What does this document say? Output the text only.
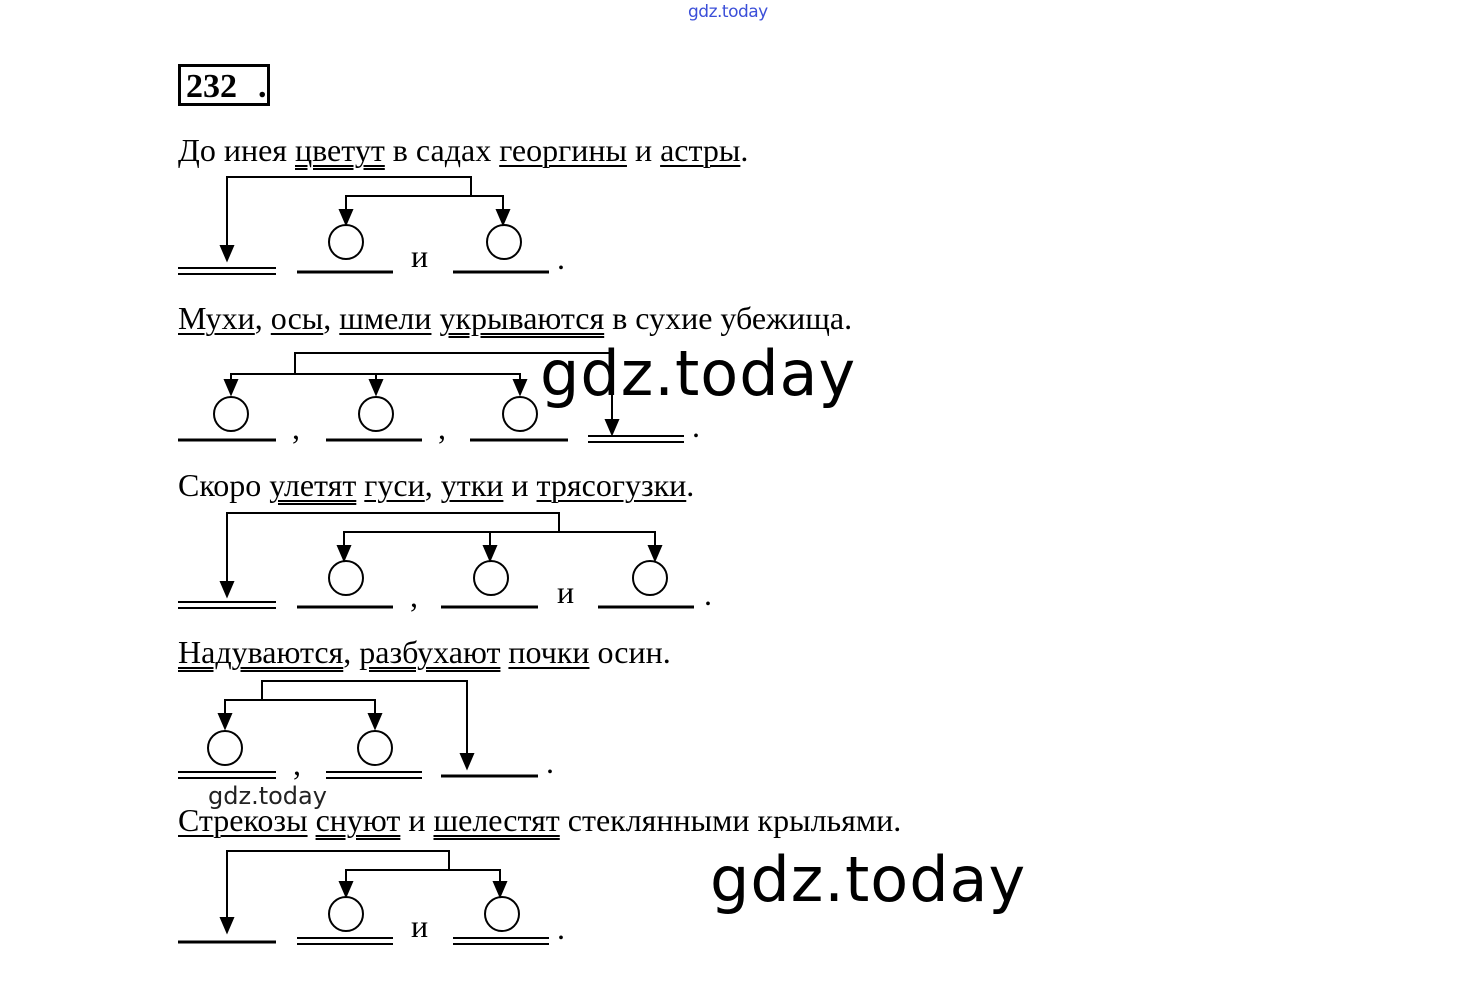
gdz.today
232 .
До инея цветут в садах георгины и астры.
Мухи, осы, шмели укрываются в сухие убежища.
Скоро улетят гуси, утки и трясогузки.
Надуваются, разбухают почки осин.
Стрекозы снуют и шелестят стеклянными крыльями.
и	.
,	,	.
,	и	.
,	.
и	.
gdz.today
gdz.today
gdz.today
